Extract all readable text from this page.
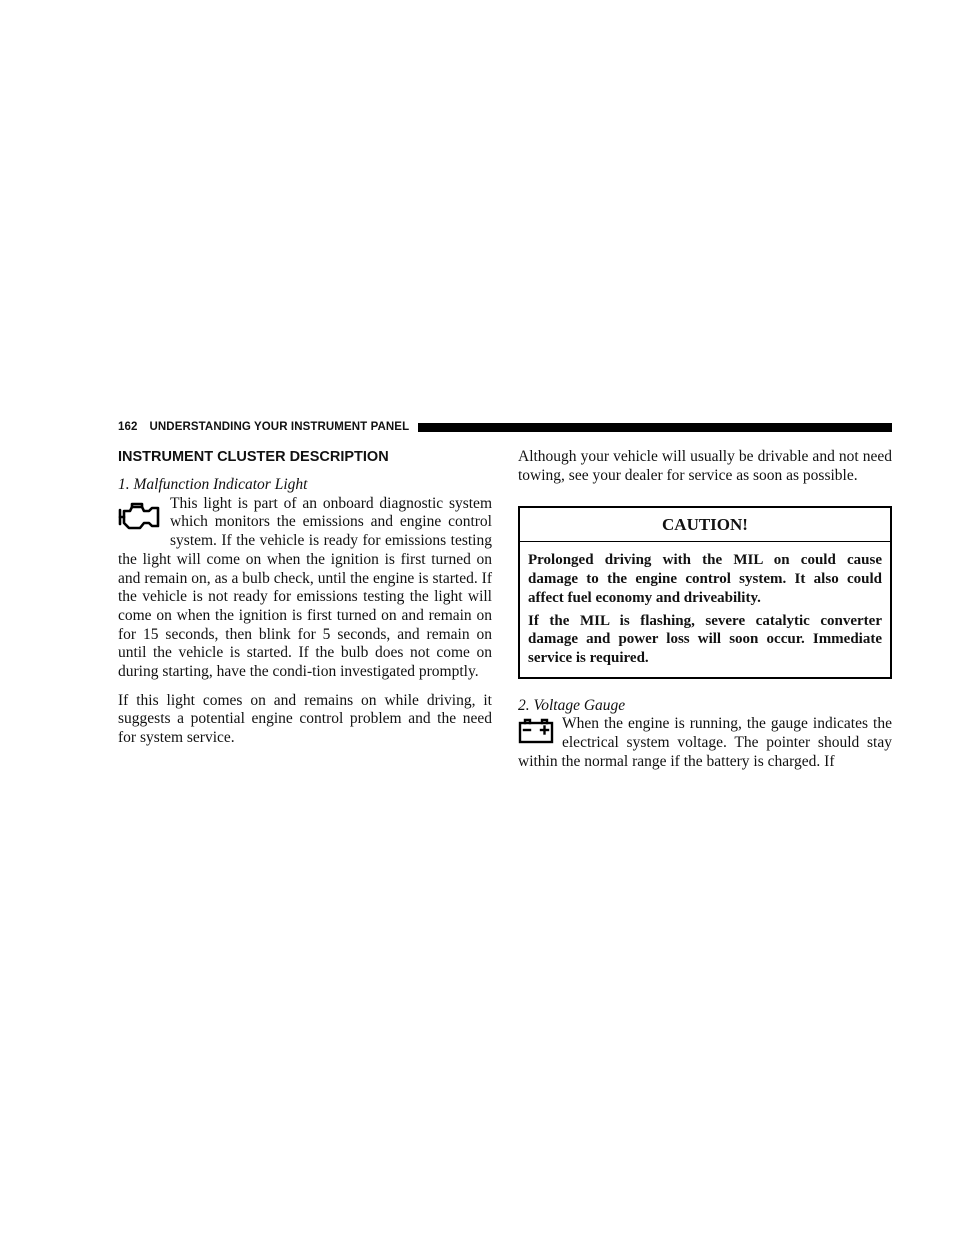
162 UNDERSTANDING YOUR INSTRUMENT PANEL
INSTRUMENT CLUSTER DESCRIPTION
1. Malfunction Indicator Light

This light is part of an onboard diagnostic system which monitors the emissions and engine control system. If the vehicle is ready for emissions testing the light will come on when the ignition is first turned on and remain on, as a bulb check, until the engine is started. If the vehicle is not ready for emissions testing the light will come on when the ignition is first turned on and remain on for 15 seconds, then blink for 5 seconds, and remain on until the vehicle is started. If the bulb does not come on during starting, have the condi-tion investigated promptly.

If this light comes on and remains on while driving, it suggests a potential engine control problem and the need for system service.

Although your vehicle will usually be drivable and not need towing, see your dealer for service as soon as possible.

CAUTION!

Prolonged driving with the MIL on could cause damage to the engine control system. It also could affect fuel economy and driveability.

If the MIL is flashing, severe catalytic converter damage and power loss will soon occur. Immediate service is required.

2. Voltage Gauge

When the engine is running, the gauge indicates the electrical system voltage. The pointer should stay within the normal range if the battery is charged. If
